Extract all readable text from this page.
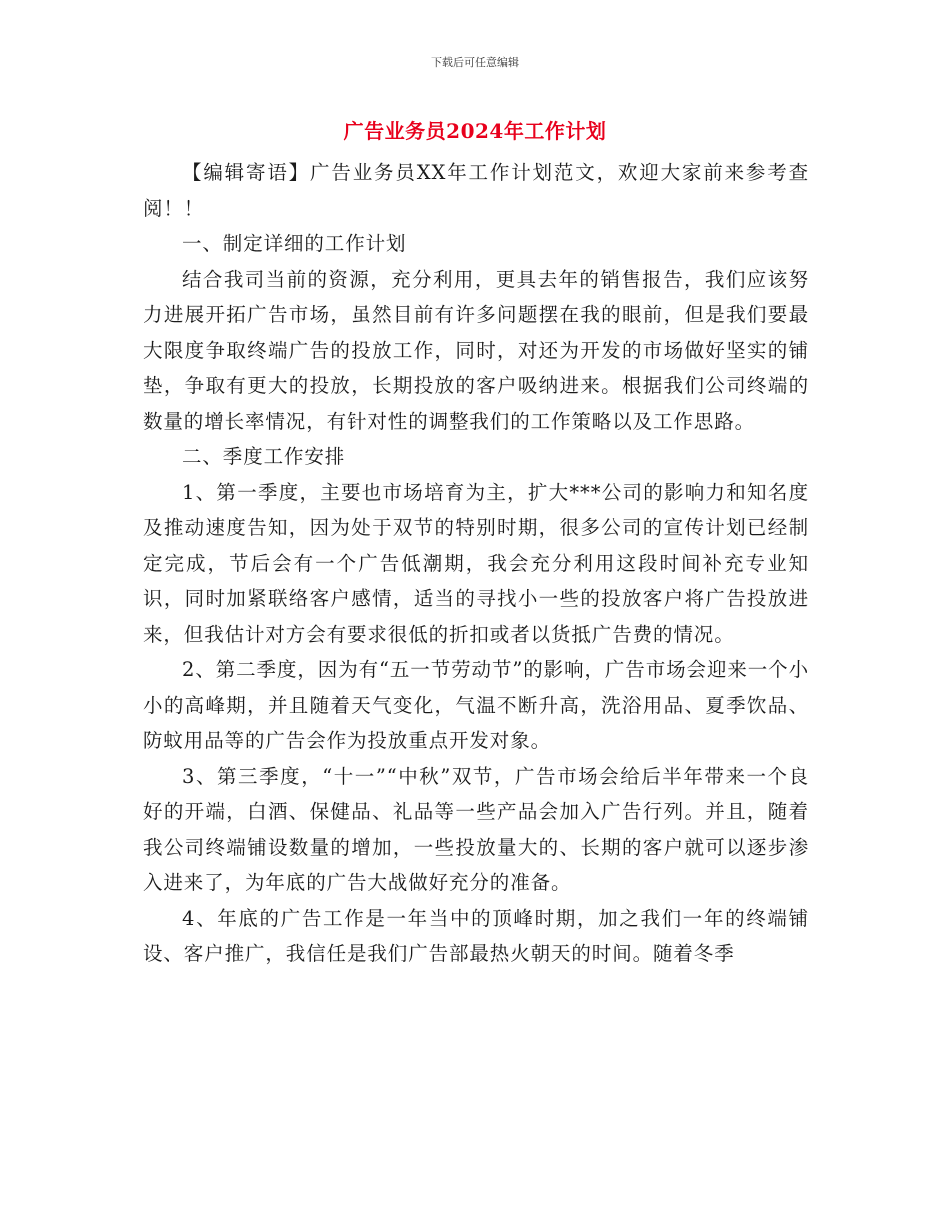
下载后可任意编辑
广告业务员2024年工作计划

【编辑寄语】广告业务员XX年工作计划范文，欢迎大家前来参考查阅！！

一、制定详细的工作计划

结合我司当前的资源，充分利用，更具去年的销售报告，我们应该努力进展开拓广告市场，虽然目前有许多问题摆在我的眼前，但是我们要最大限度争取终端广告的投放工作，同时，对还为开发的市场做好坚实的铺垫，争取有更大的投放，长期投放的客户吸纳进来。根据我们公司终端的数量的增长率情况，有针对性的调整我们的工作策略以及工作思路。

二、季度工作安排

1、第一季度，主要也市场培育为主，扩大***公司的影响力和知名度及推动速度告知，因为处于双节的特别时期，很多公司的宣传计划已经制定完成，节后会有一个广告低潮期，我会充分利用这段时间补充专业知识，同时加紧联络客户感情，适当的寻找小一些的投放客户将广告投放进来，但我估计对方会有要求很低的折扣或者以货抵广告费的情况。

2、第二季度，因为有“五一节劳动节”的影响，广告市场会迎来一个小小的高峰期，并且随着天气变化，气温不断升高，洗浴用品、夏季饮品、防蚊用品等的广告会作为投放重点开发对象。

3、第三季度，“十一”“中秋”双节，广告市场会给后半年带来一个良好的开端，白酒、保健品、礼品等一些产品会加入广告行列。并且，随着我公司终端铺设数量的增加，一些投放量大的、长期的客户就可以逐步渗入进来了，为年底的广告大战做好充分的准备。

4、年底的广告工作是一年当中的顶峰时期，加之我们一年的终端铺设、客户推广，我信任是我们广告部最热火朝天的时间。随着冬季
